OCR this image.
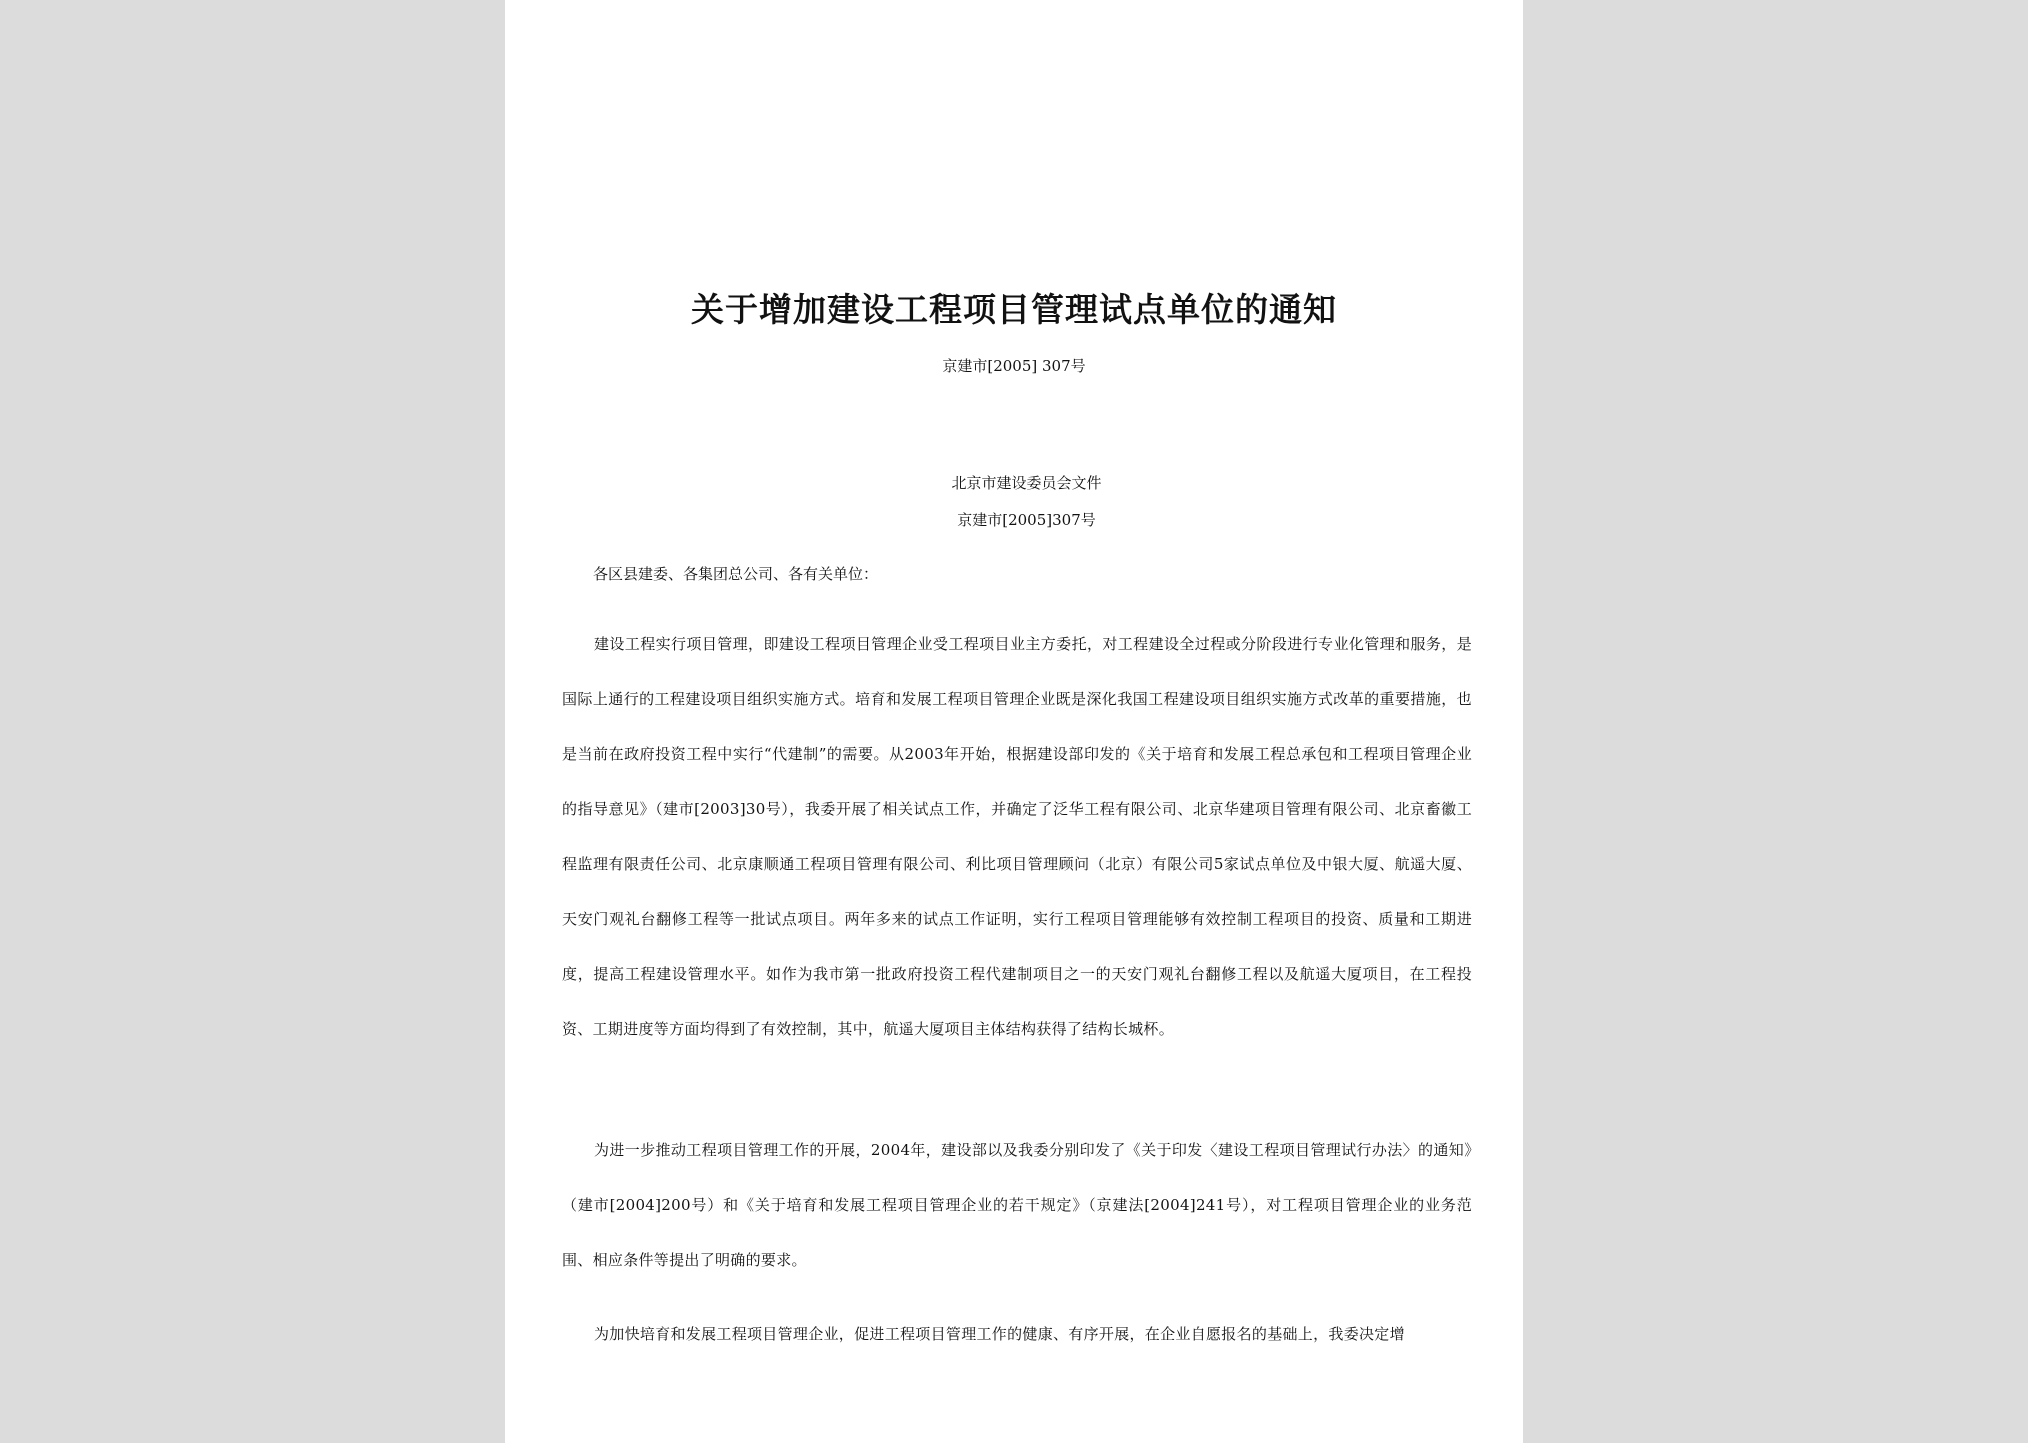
关于增加建设工程项目管理试点单位的通知
京建市[2005] 307号
北京市建设委员会文件
京建市[2005]307号
各区县建委、各集团总公司、各有关单位：

建设工程实行项目管理，即建设工程项目管理企业受工程项目业主方委托，对工程建设全过程或分阶段进行专业化管理和服务，是国际上通行的工程建设项目组织实施方式。培育和发展工程项目管理企业既是深化我国工程建设项目组织实施方式改革的重要措施，也是当前在政府投资工程中实行“代建制”的需要。从2003年开始，根据建设部印发的《关于培育和发展工程总承包和工程项目管理企业的指导意见》（建市[2003]30号），我委开展了相关试点工作，并确定了泛华工程有限公司、北京华建项目管理有限公司、北京畜徽工程监理有限责任公司、北京康顺通工程项目管理有限公司、利比项目管理顾问（北京）有限公司5家试点单位及中银大厦、航遥大厦、天安门观礼台翻修工程等一批试点项目。两年多来的试点工作证明，实行工程项目管理能够有效控制工程项目的投资、质量和工期进度，提高工程建设管理水平。如作为我市第一批政府投资工程代建制项目之一的天安门观礼台翻修工程以及航遥大厦项目，在工程投资、工期进度等方面均得到了有效控制，其中，航遥大厦项目主体结构获得了结构长城杯。

为进一步推动工程项目管理工作的开展，2004年，建设部以及我委分别印发了《关于印发〈建设工程项目管理试行办法〉的通知》（建市[2004]200号）和《关于培育和发展工程项目管理企业的若干规定》（京建法[2004]241号），对工程项目管理企业的业务范围、相应条件等提出了明确的要求。

为加快培育和发展工程项目管理企业，促进工程项目管理工作的健康、有序开展，在企业自愿报名的基础上，我委决定增
